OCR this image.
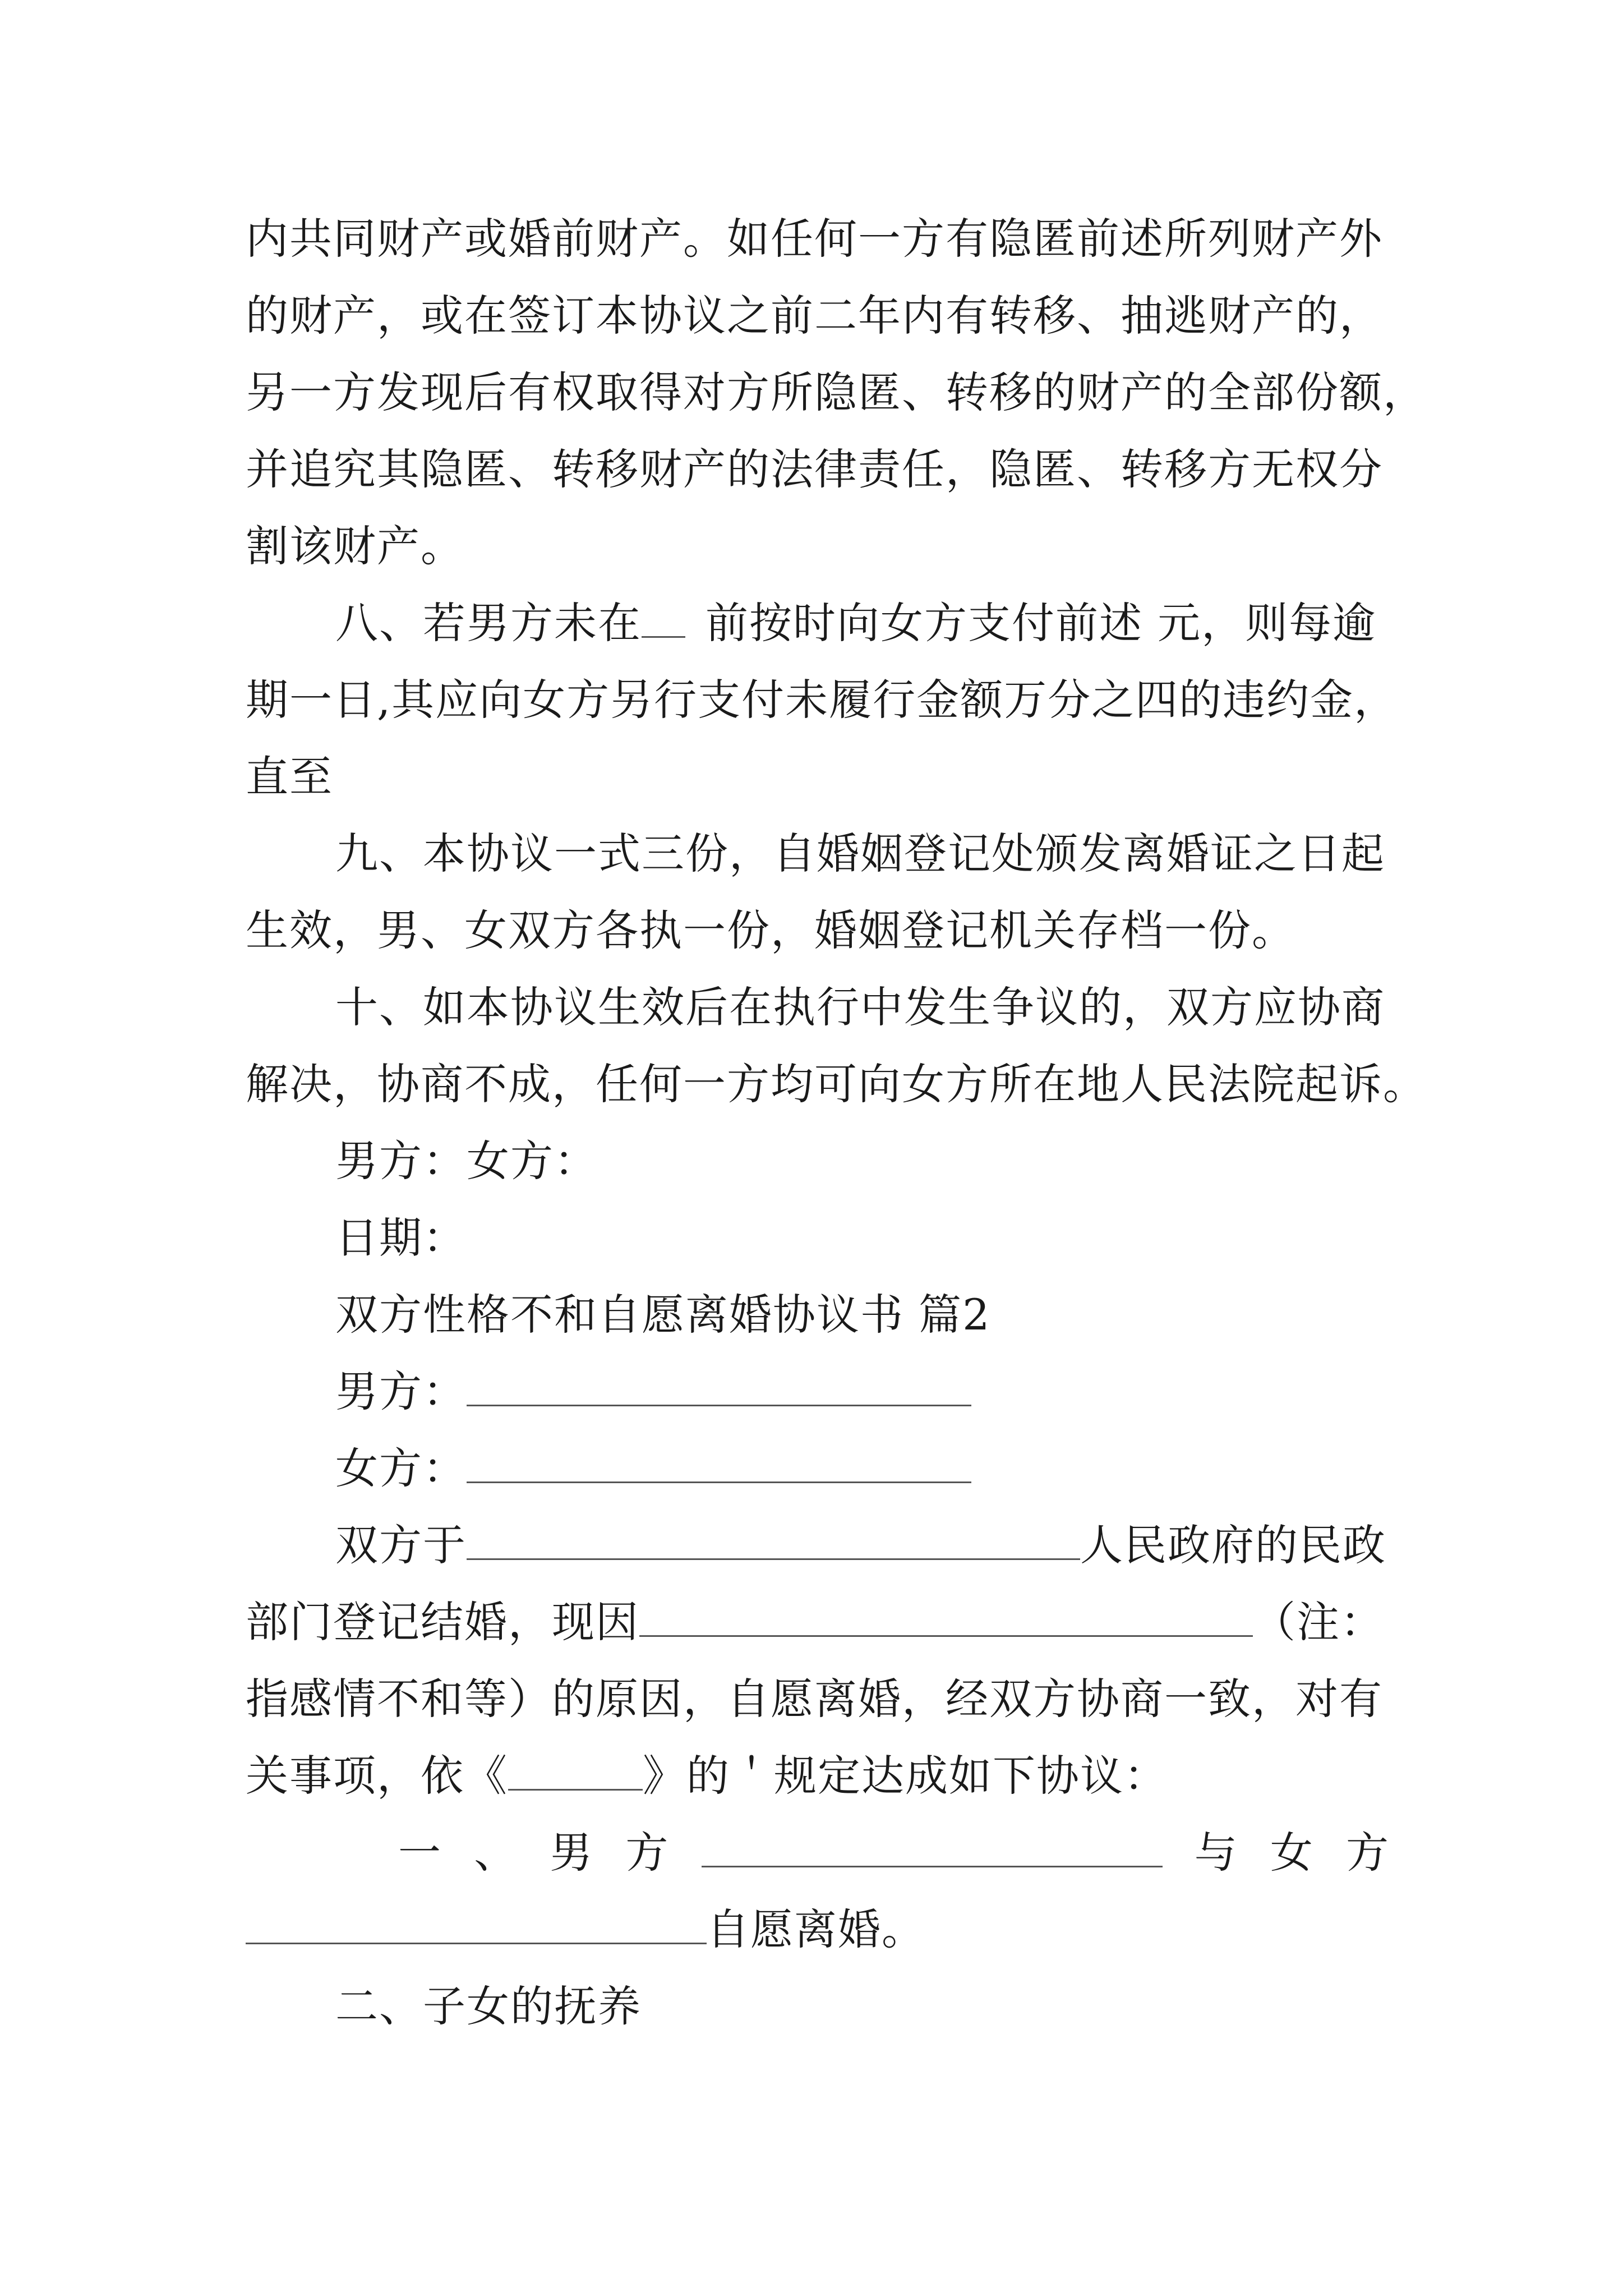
内共同财产或婚前财产。如任何一方有隐匿前述所列财产外
的财产，或在签订本协议之前二年内有转移、抽逃财产的，
另一方发现后有权取得对方所隐匿、转移的财产的全部份额，
并追究其隐匿、转移财产的法律责任，隐匿、转移方无权分
割该财产。
八、若男方未在 前按时向女方支付前述 元，则每逾
期一日,其应向女方另行支付未履行金额万分之四的违约金，
直至
九、本协议一式三份，自婚姻登记处颁发离婚证之日起
生效，男、女双方各执一份，婚姻登记机关存档一份。
十、如本协议生效后在执行中发生争议的，双方应协商
解决，协商不成，任何一方均可向女方所在地人民法院起诉。
男方：女方：
日期：
双方性格不和自愿离婚协议书 篇2
男方：
女方：
双方于	人民政府的民政
部门登记结婚，现因	（注：
指感情不和等）的原因，自愿离婚，经双方协商一致，对有
关事项，依《	》的＇规定达成如下协议：
一 、 男 方	与 女 方
自愿离婚。
二、子女的抚养
